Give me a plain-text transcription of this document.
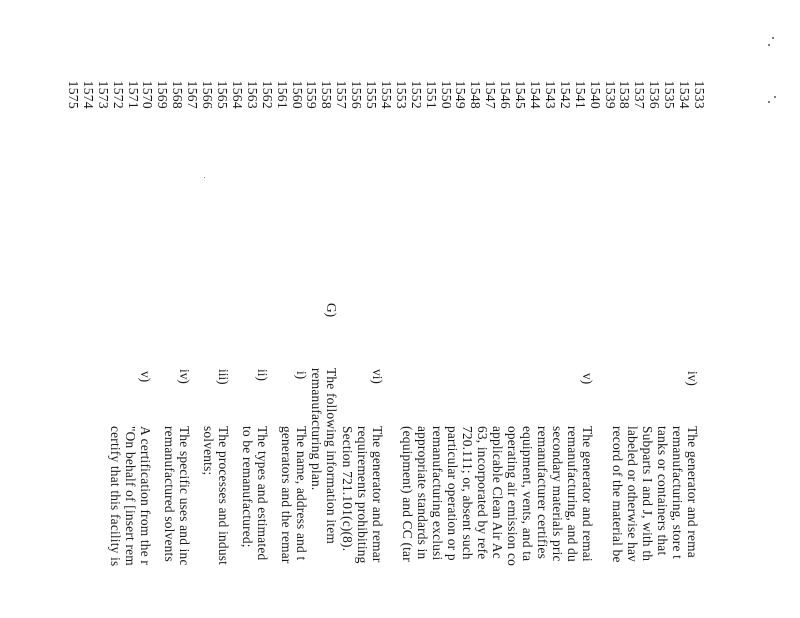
1533
1534
1535
1536
1537
1538
1539
1540
1541
1542
1543
1544
1545
1546
1547
1548
1549
1550
1551
1552
1553
1554
1555
1556
1557
1558
1559
1560
1561
1562
1563
1564
1565
1566
1567
1568
1569
1570
1571
1572
1573
1574
1575
iv)
The generator and rema
remanufacturing, store t
tanks or containers that
Subparts I and J, with th
labeled or otherwise hav
record of the material be
v)
The generator and remai
remanufacturing, and du
secondary materials pric
remanufacturer certifies
equipment, vents, and ta
operating air emission co
applicable Clean Air Ac
63, incorporated by refe
720.111; or, absent such
particular operation or p
remanufacturing exclusi
appropriate standards in
(equipment) and CC (tar
vi)
The generator and remar
requirements prohibiting
Section 721.101(c)(8).
G)
The following information item
remanufacturing plan.
i)
The name, address and t
generators and the remar
ii)
The types and estimated
to be remanufactured;
iii)
The processes and indust
solvents;
iv)
The specific uses and inc
remanufactured solvents
v)
A certification from the r
"On behalf of [insert rem
certify that this facility is
